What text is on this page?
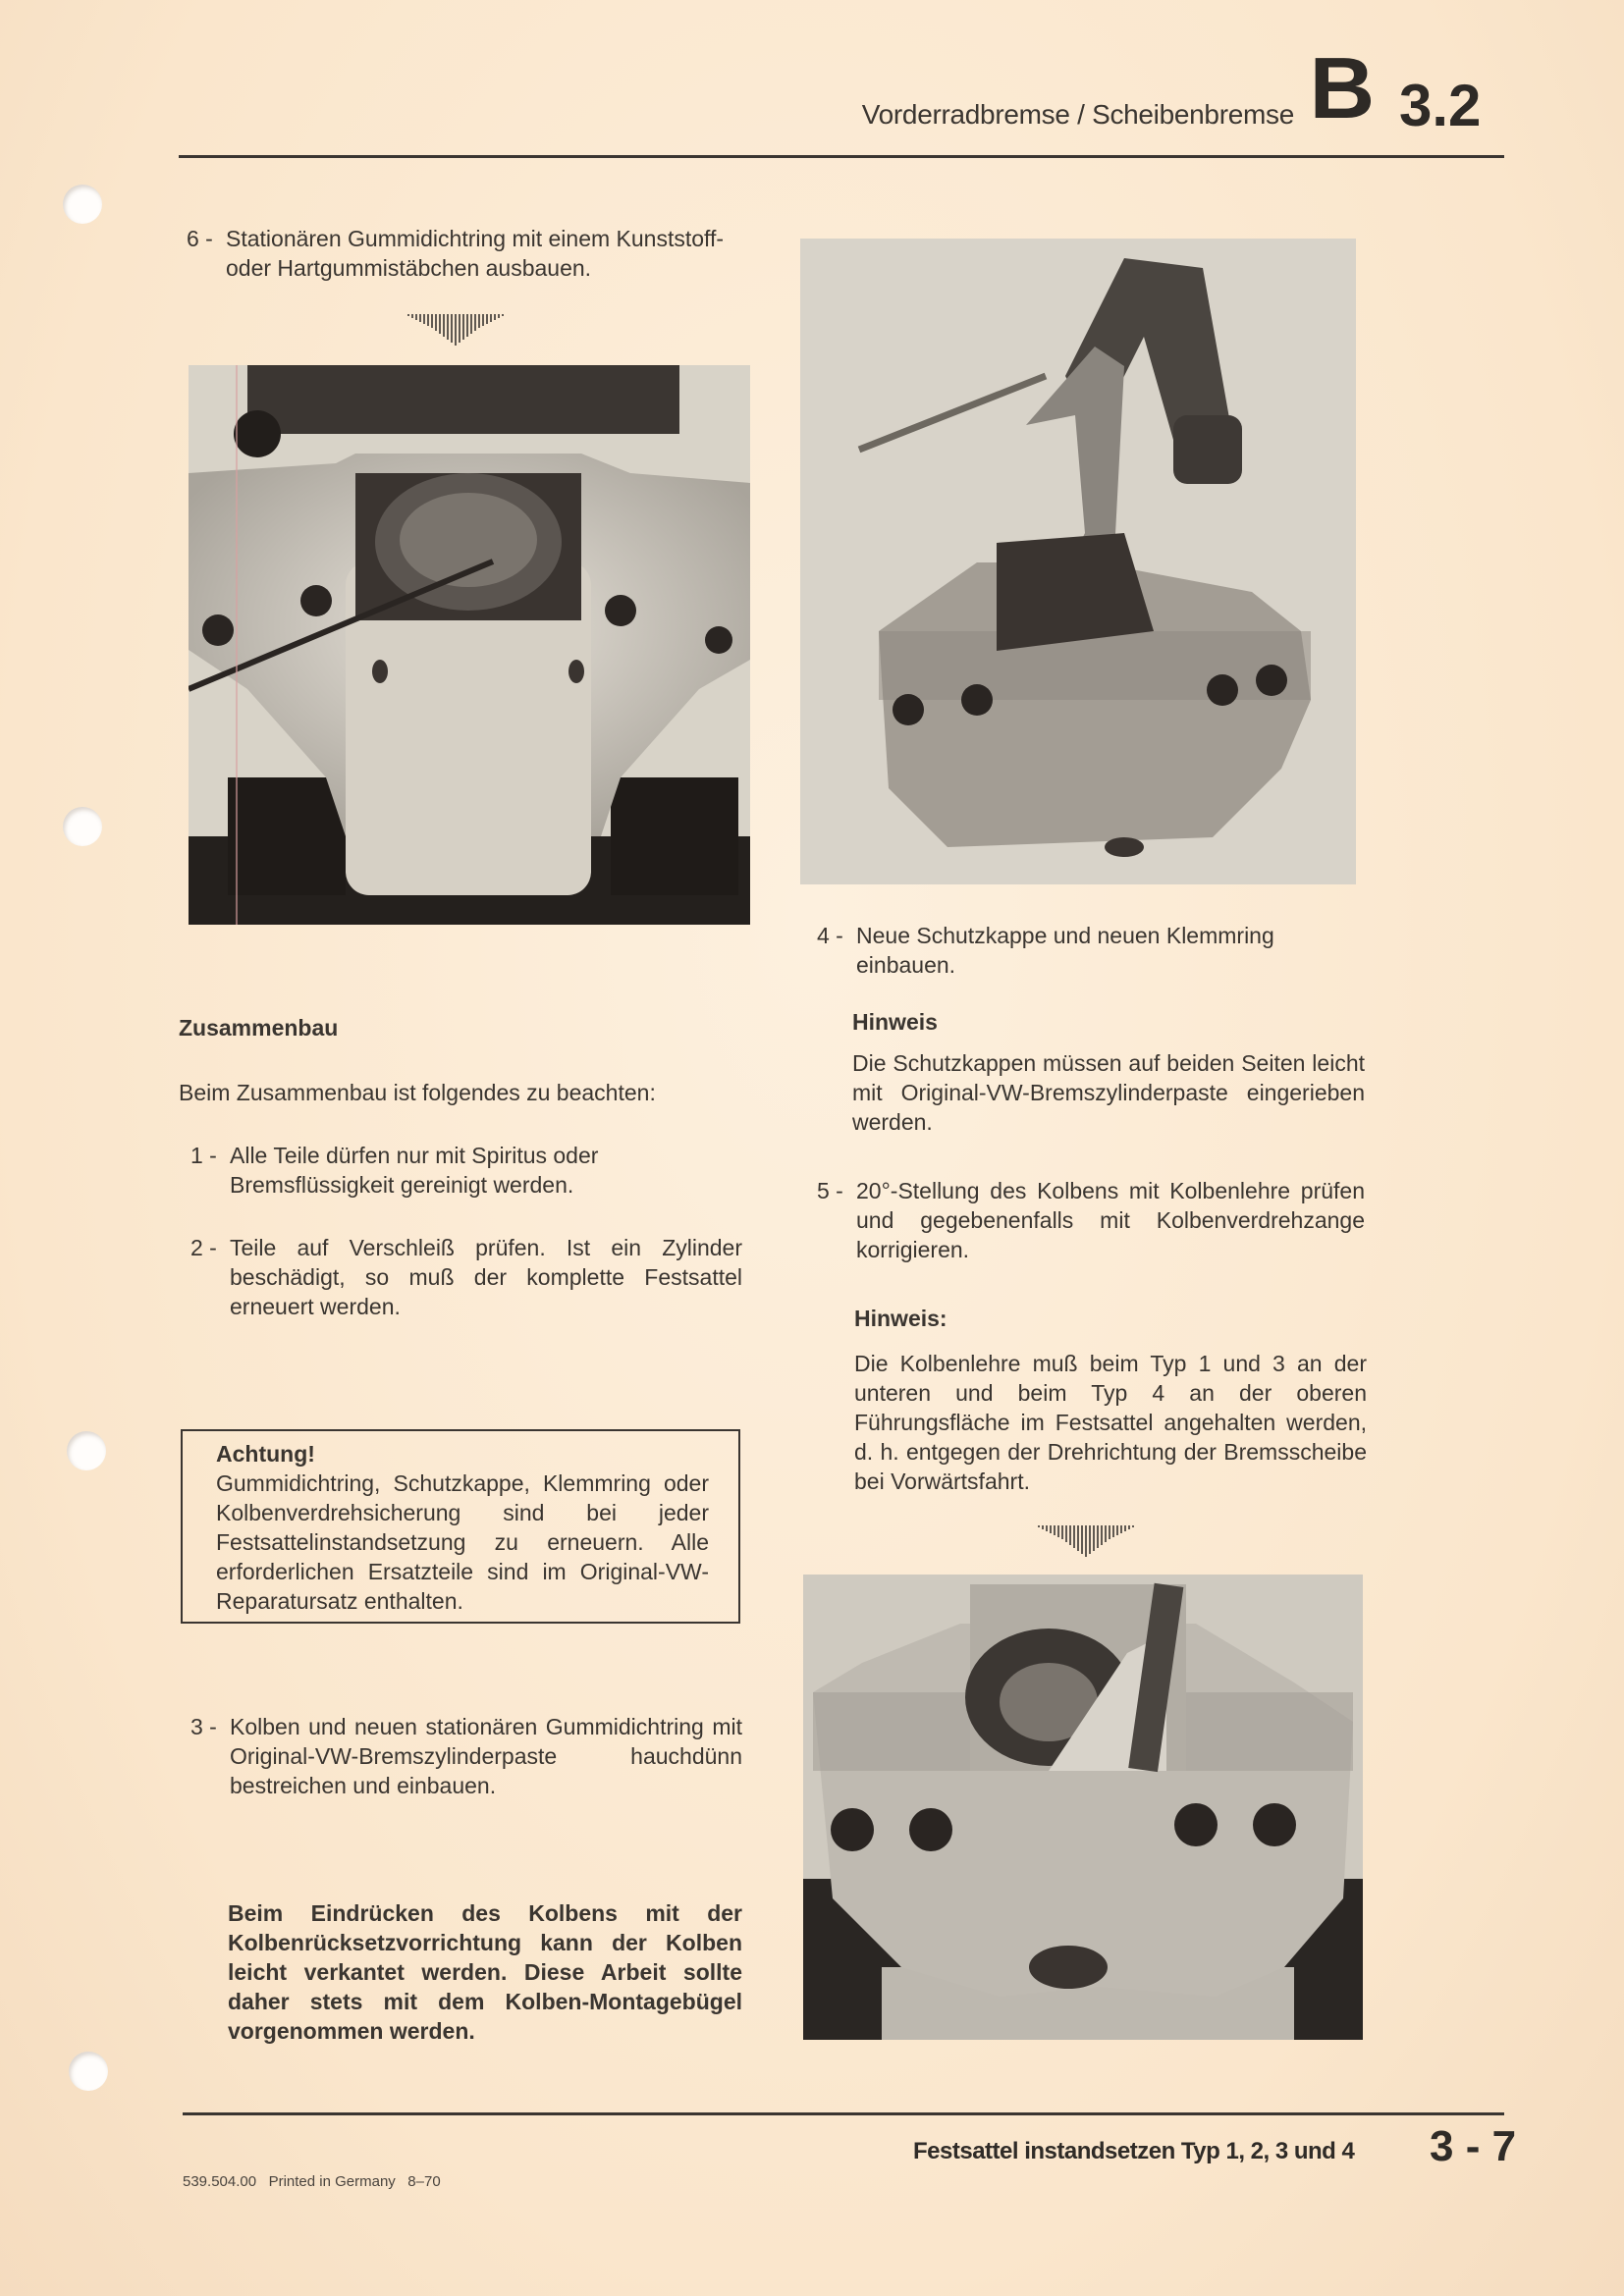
Vorderradbremse / Scheibenbremse B 3.2
6 - Stationären Gummidichtring mit einem Kunststoff- oder Hartgummistäbchen ausbauen.
Zusammenbau
Beim Zusammenbau ist folgendes zu beachten:
1 - Alle Teile dürfen nur mit Spiritus oder Bremsflüssigkeit gereinigt werden.
2 - Teile auf Verschleiß prüfen. Ist ein Zylinder beschädigt, so muß der komplette Festsattel erneuert werden.
Achtung!
Gummidichtring, Schutzkappe, Klemmring oder Kolbenverdrehsicherung sind bei jeder Festsattelinstandsetzung zu erneuern. Alle erforderlichen Ersatzteile sind im Original-VW-Reparatursatz enthalten.
3 - Kolben und neuen stationären Gummidichtring mit Original-VW-Bremszylinderpaste hauchdünn bestreichen und einbauen.
Beim Eindrücken des Kolbens mit der Kolbenrücksetzvorrichtung kann der Kolben leicht verkantet werden. Diese Arbeit sollte daher stets mit dem Kolben-Montagebügel vorgenommen werden.
4 - Neue Schutzkappe und neuen Klemmring einbauen.
Hinweis
Die Schutzkappen müssen auf beiden Seiten leicht mit Original-VW-Bremszylinderpaste eingerieben werden.
5 - 20°-Stellung des Kolbens mit Kolbenlehre prüfen und gegebenenfalls mit Kolbenverdrehzange korrigieren.
Hinweis:
Die Kolbenlehre muß beim Typ 1 und 3 an der unteren und beim Typ 4 an der oberen Führungsfläche im Festsattel angehalten werden, d. h. entgegen der Drehrichtung der Bremsscheibe bei Vorwärtsfahrt.
Festsattel instandsetzen Typ 1, 2, 3 und 4 3 - 7
539.504.00   Printed in Germany   8–70
